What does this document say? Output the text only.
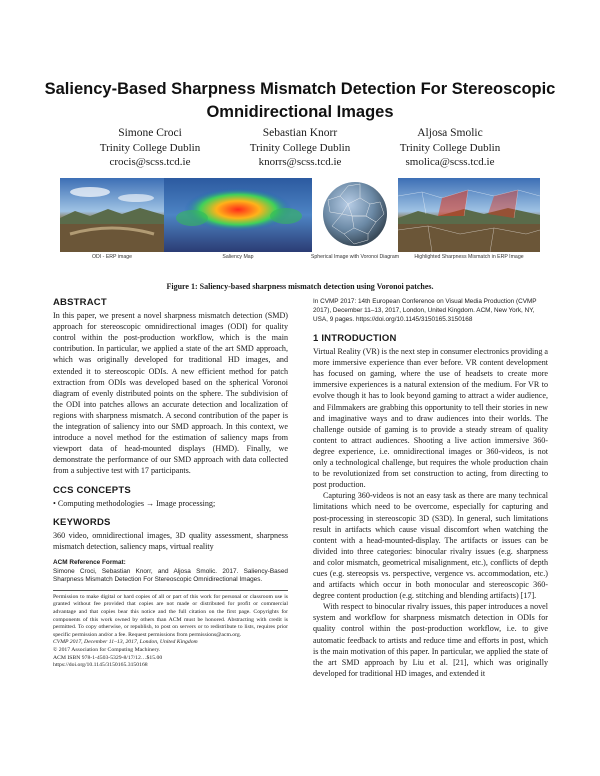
Saliency-Based Sharpness Mismatch Detection For Stereoscopic
Omnidirectional Images
Simone Croci
Trinity College Dublin
crocis@scss.tcd.ie
Sebastian Knorr
Trinity College Dublin
knorrs@scss.tcd.ie
Aljosa Smolic
Trinity College Dublin
smolica@scss.tcd.ie
ODI - ERP image	Saliency Map	Spherical Image with Voronoi Diagram	Highlighted Sharpness Mismatch in ERP Image
Figure 1: Saliency-based sharpness mismatch detection using Voronoi patches.
ABSTRACT

In this paper, we present a novel sharpness mismatch detection (SMD) approach for stereoscopic omnidirectional images (ODI) for quality control within the post-production workflow, which is the main contribution. In particular, we applied a state of the art SMD approach, which was originally developed for traditional HD images, and extended it to stereoscopic ODIs. A new efficient method for patch extraction from ODIs was developed based on the spherical Voronoi diagram of evenly distributed points on the sphere. The subdivision of the ODI into patches allows an accurate detection and localization of regions with sharpness mismatch. A second contribution of the paper is the integration of saliency into our SMD approach. In this context, we introduce a novel method for the estimation of saliency maps from viewport data of head-mounted displays (HMD). Finally, we demonstrate the performance of our SMD approach with data collected from a subjective test with 17 participants.

CCS CONCEPTS

• Computing methodologies → Image processing;

KEYWORDS

360 video, omnidirectional images, 3D quality assessment, sharpness mismatch detection, saliency maps, virtual reality

ACM Reference Format:
Simone Croci, Sebastian Knorr, and Aljosa Smolic. 2017. Saliency-Based Sharpness Mismatch Detection For Stereoscopic Omnidirectional Images.
Permission to make digital or hard copies of all or part of this work for personal or classroom use is granted without fee provided that copies are not made or distributed for profit or commercial advantage and that copies bear this notice and the full citation on the first page. Copyrights for components of this work owned by others than ACM must be honored. Abstracting with credit is permitted. To copy otherwise, or republish, to post on servers or to redistribute to lists, requires prior specific permission and/or a fee. Request permissions from permissions@acm.org.
CVMP 2017, December 11–13, 2017, London, United Kingdom
© 2017 Association for Computing Machinery.
ACM ISBN 978-1-4503-5329-8/17/12…$15.00
https://doi.org/10.1145/3150165.3150168
In CVMP 2017: 14th European Conference on Visual Media Production (CVMP 2017), December 11–13, 2017, London, United Kingdom. ACM, New York, NY, USA, 9 pages. https://doi.org/10.1145/3150165.3150168
1 INTRODUCTION

Virtual Reality (VR) is the next step in consumer electronics providing a more immersive experience than ever before. VR content development has focused on gaming, where the use of headsets to create more immersive experiences is a natural extension of the medium. For VR to evolve though it has to look beyond gaming to attract a wider audience, and Filmmakers are grabbing this opportunity to tell their stories in new and imaginative ways and to draw audiences into their worlds. The challenge outside of gaming is to provide a steady stream of quality content to attract audiences. Shooting a live action immersive 360-degree experience, i.e. omnidirectional images or 360-videos, is not only a technological challenge, but requires the whole production chain to be revolutionized from set construction to acting, from directing to post production.

Capturing 360-videos is not an easy task as there are many technical limitations which need to be overcome, especially for capturing and post-processing in stereoscopic 3D (S3D). In general, such limitations result in artifacts which cause visual discomfort when watching the content with a head-mounted-display. The artifacts or issues can be divided into three categories: binocular rivalry issues (e.g. sharpness and color mismatch, geometrical misalignment, etc.), conflicts of depth cues (e.g. stereopsis vs. perspective, vergence vs. accommodation, etc.) and artifacts which occur in both monocular and stereoscopic 360-degree content production (e.g. stitching and blending artifacts) [17].

With respect to binocular rivalry issues, this paper introduces a novel system and workflow for sharpness mismatch detection in ODIs for quality control within the post-production workflow, i.e. to give automatic feedback to artists and reduce time and efforts in post, which is the main motivation of this paper. In particular, we applied the state of the art SMD approach by Liu et al. [21], which was originally developed for traditional HD images, and extended it
